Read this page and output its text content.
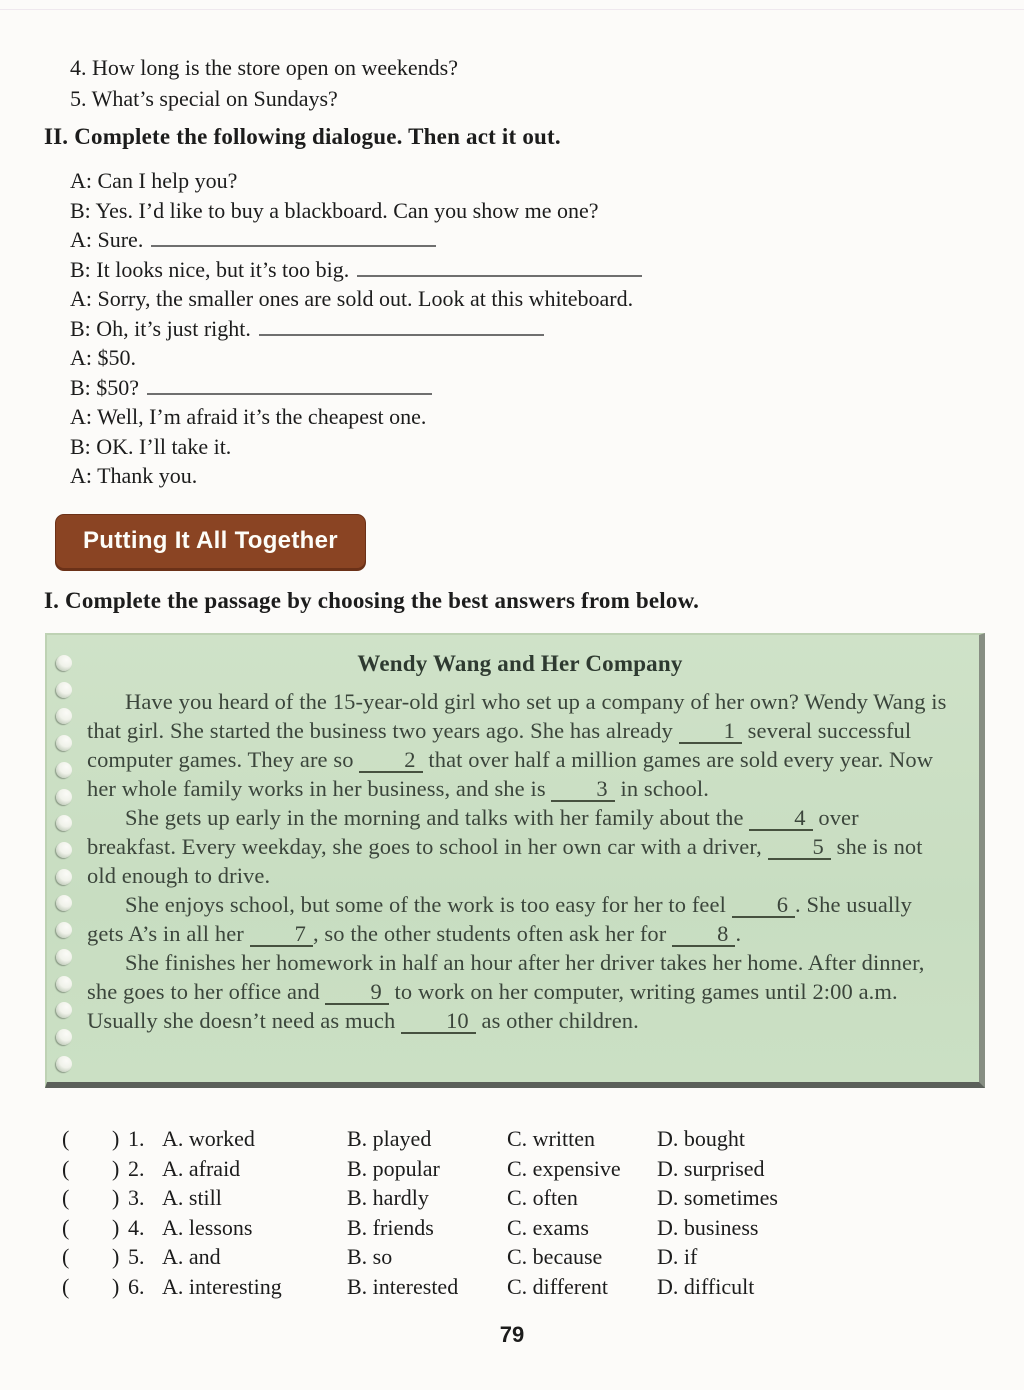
4. How long is the store open on weekends?
5. What’s special on Sundays?
II. Complete the following dialogue. Then act it out.
A: Can I help you?
B: Yes. I’d like to buy a blackboard. Can you show me one?
A: Sure.
B: It looks nice, but it’s too big.
A: Sorry, the smaller ones are sold out. Look at this whiteboard.
B: Oh, it’s just right.
A: $50.
B: $50?
A: Well, I’m afraid it’s the cheapest one.
B: OK. I’ll take it.
A: Thank you.
Putting It All Together
I. Complete the passage by choosing the best answers from below.
Wendy Wang and Her Company

Have you heard of the 15-year-old girl who set up a company of her own? Wendy Wang is that girl. She started the business two years ago. She has already 1 several successful computer games. They are so 2 that over half a million games are sold every year. Now her whole family works in her business, and she is 3 in school.

She gets up early in the morning and talks with her family about the 4 over breakfast. Every weekday, she goes to school in her own car with a driver, 5 she is not old enough to drive.

She enjoys school, but some of the work is too easy for her to feel 6 . She usually gets A’s in all her 7 , so the other students often ask her for 8 .

She finishes her homework in half an hour after her driver takes her home. After dinner, she goes to her office and 9 to work on her computer, writing games until 2:00 a.m. Usually she doesn’t need as much 10 as other children.

(	) 1. A. worked	B. played	C. written	D. bought
(	) 2. A. afraid	B. popular	C. expensive	D. surprised
(	) 3. A. still	B. hardly	C. often	D. sometimes
(	) 4. A. lessons	B. friends	C. exams	D. business
(	) 5. A. and	B. so	C. because	D. if
(	) 6. A. interesting	B. interested	C. different	D. difficult
79
